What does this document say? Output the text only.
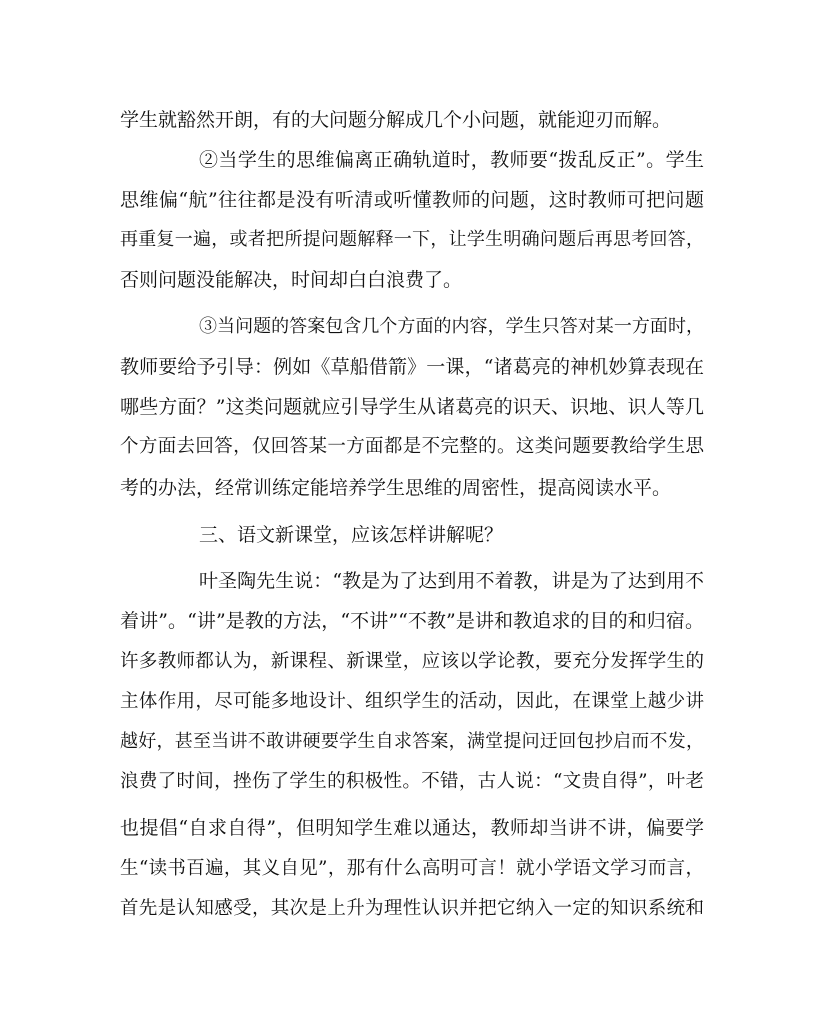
学生就豁然开朗，有的大问题分解成几个小问题，就能迎刃而解。
②当学生的思维偏离正确轨道时，教师要“拨乱反正”。学生
思维偏“航”往往都是没有听清或听懂教师的问题，这时教师可把问题
再重复一遍，或者把所提问题解释一下，让学生明确问题后再思考回答，
否则问题没能解决，时间却白白浪费了。
③当问题的答案包含几个方面的内容，学生只答对某一方面时，
教师要给予引导：例如《草船借箭》一课，“诸葛亮的神机妙算表现在
哪些方面？”这类问题就应引导学生从诸葛亮的识天、识地、识人等几
个方面去回答，仅回答某一方面都是不完整的。这类问题要教给学生思
考的办法，经常训练定能培养学生思维的周密性，提高阅读水平。
三、语文新课堂，应该怎样讲解呢？
叶圣陶先生说：“教是为了达到用不着教，讲是为了达到用不
着讲”。“讲”是教的方法，“不讲”“不教”是讲和教追求的目的和归宿。
许多教师都认为，新课程、新课堂，应该以学论教，要充分发挥学生的
主体作用，尽可能多地设计、组织学生的活动，因此，在课堂上越少讲
越好，甚至当讲不敢讲硬要学生自求答案，满堂提问迂回包抄启而不发，
浪费了时间，挫伤了学生的积极性。不错，古人说：“文贵自得”，叶老
也提倡“自求自得”，但明知学生难以通达，教师却当讲不讲，偏要学
生“读书百遍，其义自见”，那有什么高明可言！就小学语文学习而言，
首先是认知感受，其次是上升为理性认识并把它纳入一定的知识系统和
